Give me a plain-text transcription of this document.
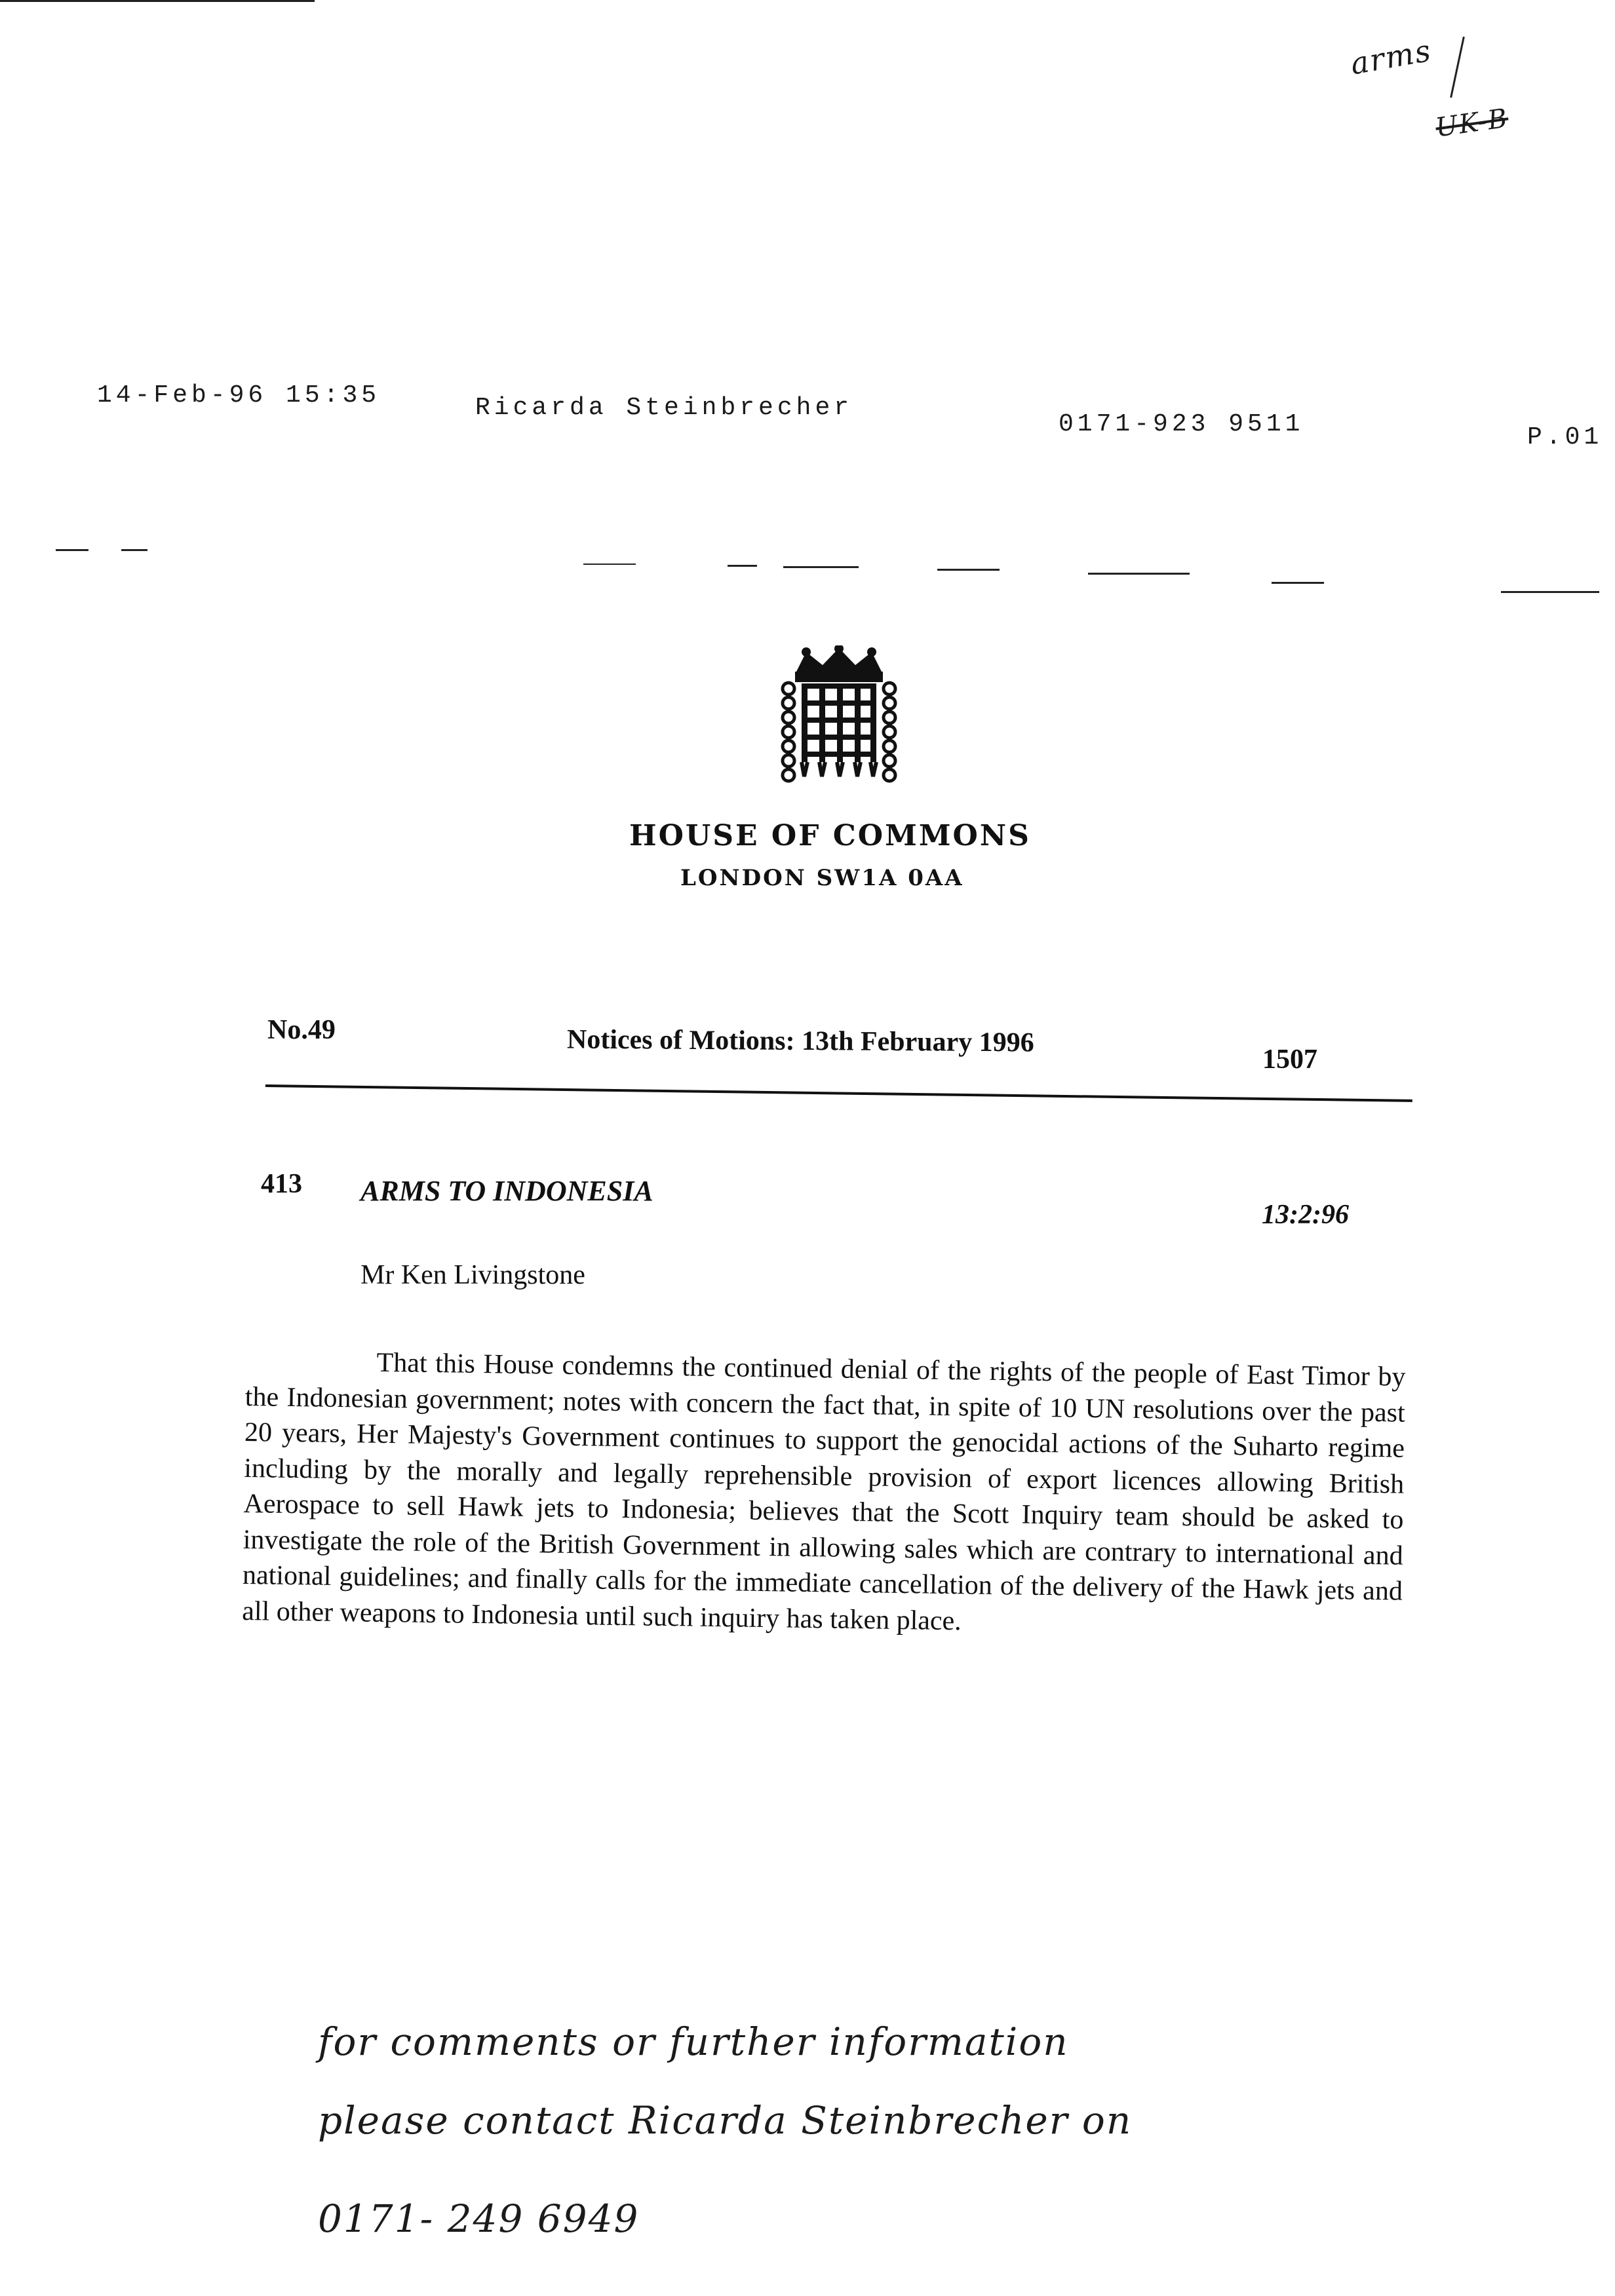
arms
UK-B
14-Feb-96 15:35	Ricarda Steinbrecher
0171-923 9511	P.01
HOUSE OF COMMONS
LONDON SW1A 0AA
No.49	Notices of Motions: 13th February 1996
1507
413 ARMS TO INDONESIA
13:2:96
Mr Ken Livingstone

That this House condemns the continued denial of the rights of the people of East Timor by the Indonesian government; notes with concern the fact that, in spite of 10 UN resolutions over the past 20 years, Her Majesty's Government continues to support the genocidal actions of the Suharto regime including by the morally and legally reprehensible provision of export licences allowing British Aerospace to sell Hawk jets to Indonesia; believes that the Scott Inquiry team should be asked to investigate the role of the British Government in allowing sales which are contrary to international and national guidelines; and finally calls for the immediate cancellation of the delivery of the Hawk jets and all other weapons to Indonesia until such inquiry has taken place.

for comments or further information
please contact Ricarda Steinbrecher on
0171- 249 6949
